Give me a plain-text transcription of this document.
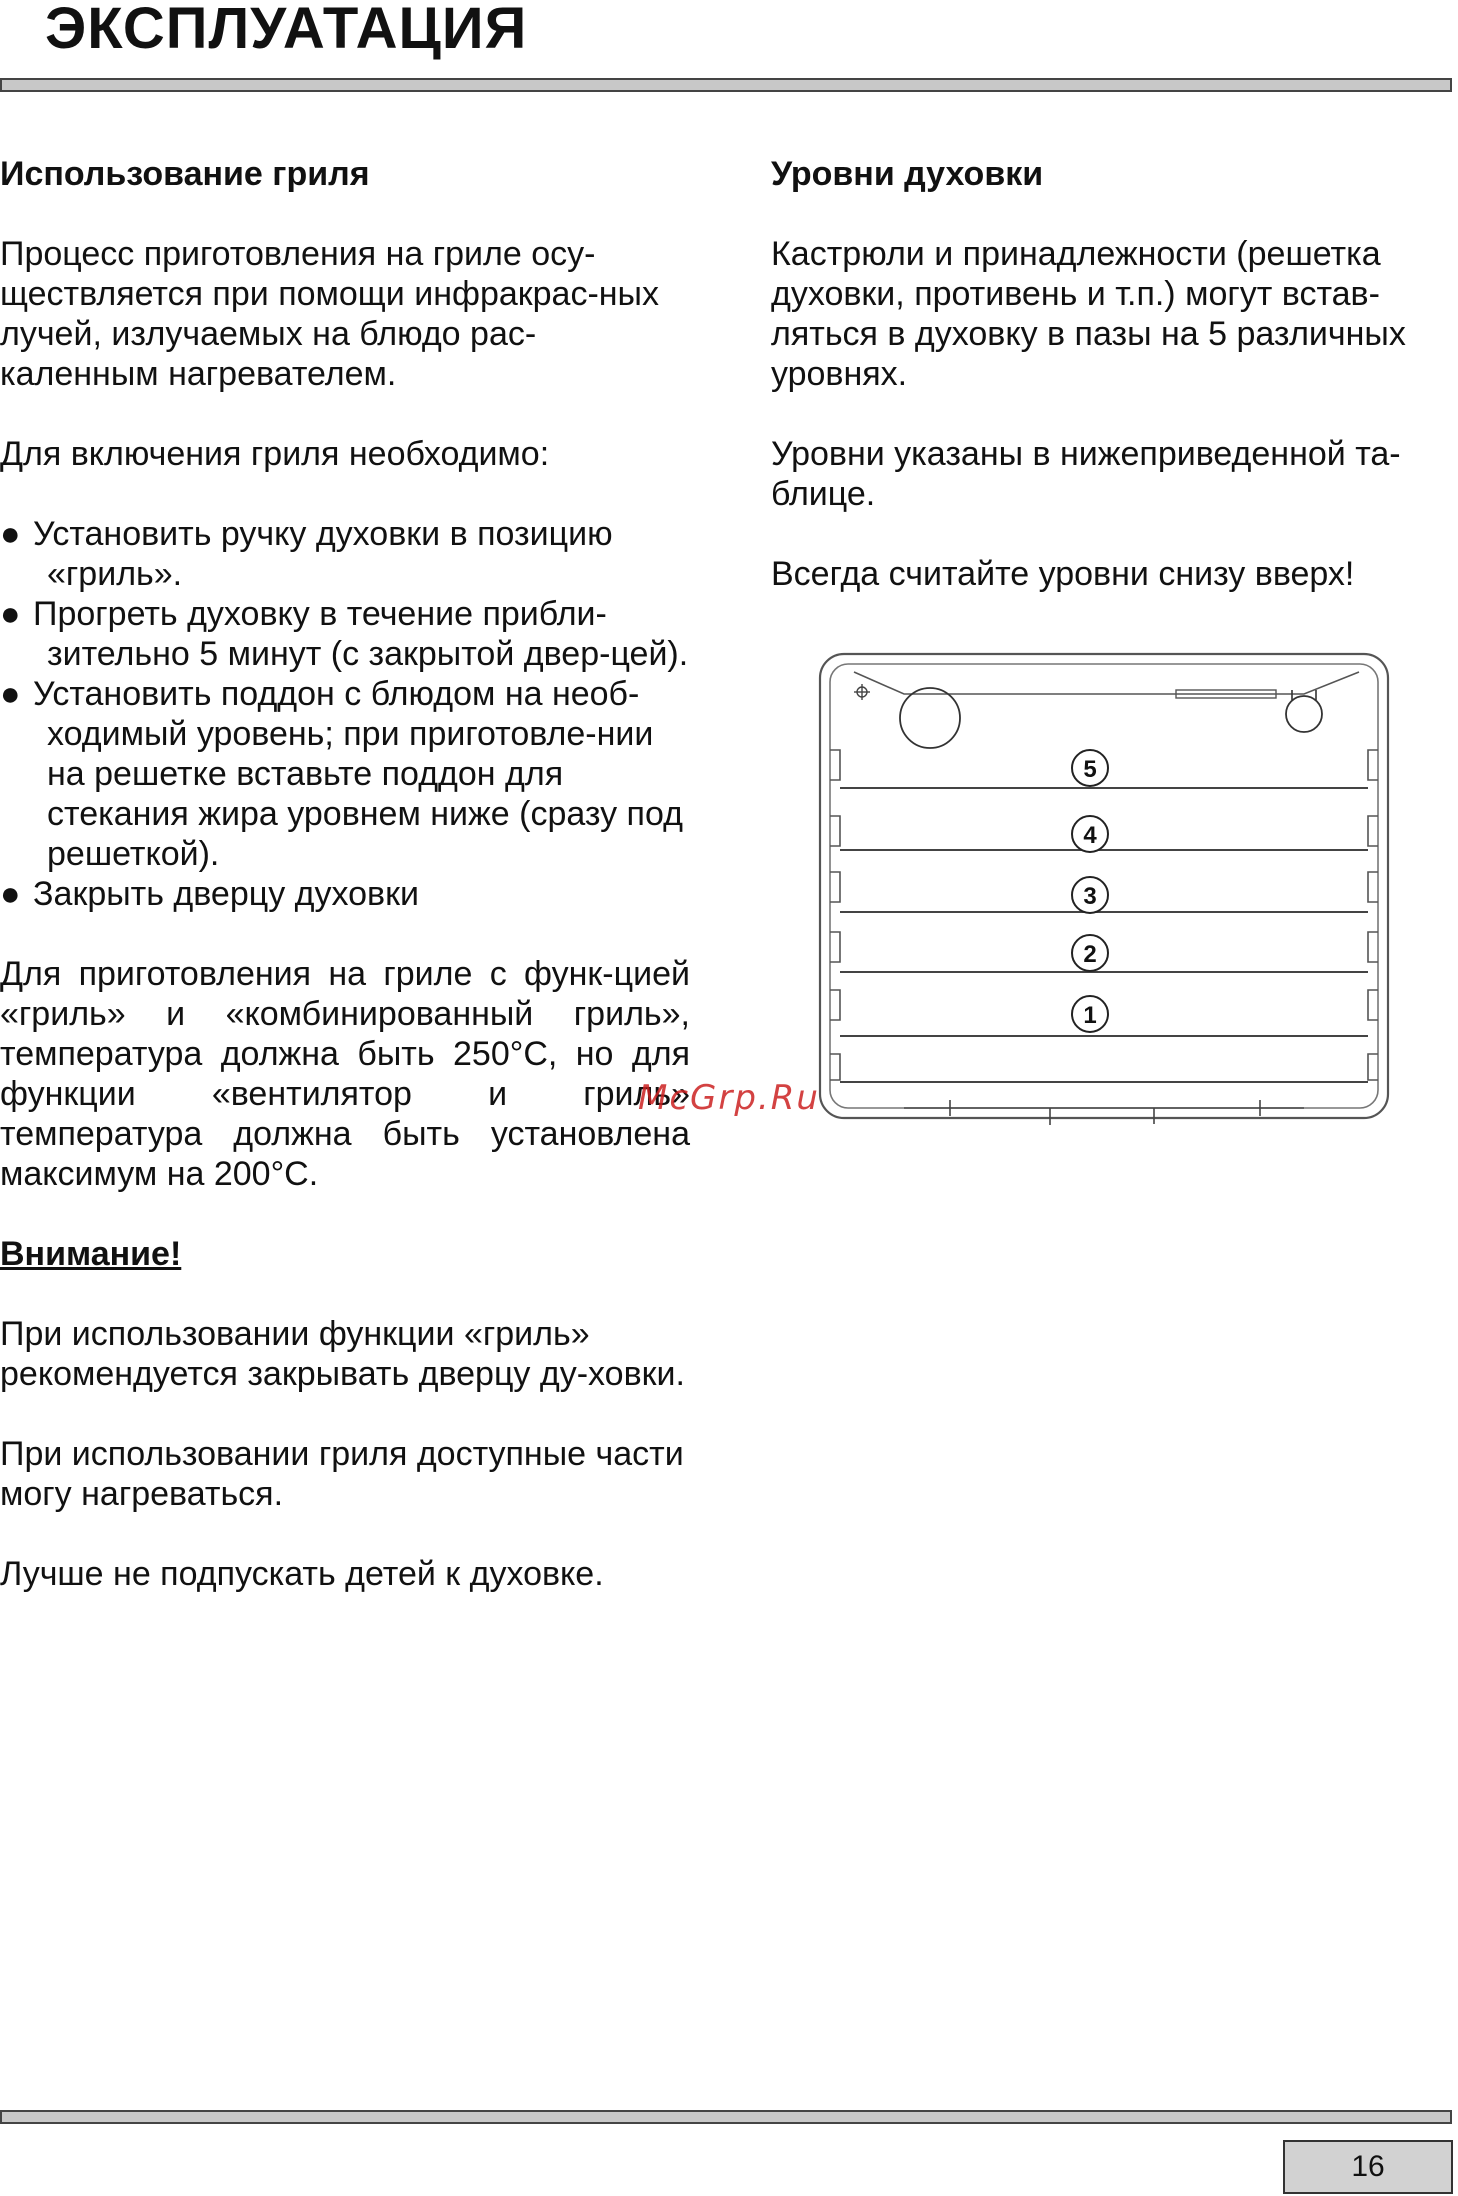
ЭКСПЛУАТАЦИЯ
Использование гриля

Процесс приготовления на гриле осу-ществляется при помощи инфракрас-ных лучей, излучаемых на блюдо рас-каленным нагревателем.

Для включения гриля необходимо:

● Установить ручку духовки в позицию «гриль».
● Прогреть духовку в течение прибли-зительно 5 минут (с закрытой двер-цей).
● Установить поддон с блюдом на необ-ходимый уровень; при приготовле-нии на решетке вставьте поддон для стекания жира уровнем ниже (сразу под решеткой).
● Закрыть дверцу духовки

Для приготовления на гриле с функ-цией «гриль» и «комбинированный гриль», температура должна быть 250°С, но для функции «вентилятор и гриль» температура должна быть установлена максимум на 200°С.

Внимание!

При использовании функции «гриль» рекомендуется закрывать дверцу ду-ховки.

При использовании гриля доступные части могу нагреваться.

Лучше не подпускать детей к духовке.

Уровни духовки

Кастрюли и принадлежности (решетка духовки, противень и т.п.) могут встав-ляться в духовку в пазы на 5 различных уровнях.

Уровни указаны в нижеприведенной та-блице.

Всегда считайте уровни снизу вверх!

5
4
3
2
1
McGrp.Ru
16
